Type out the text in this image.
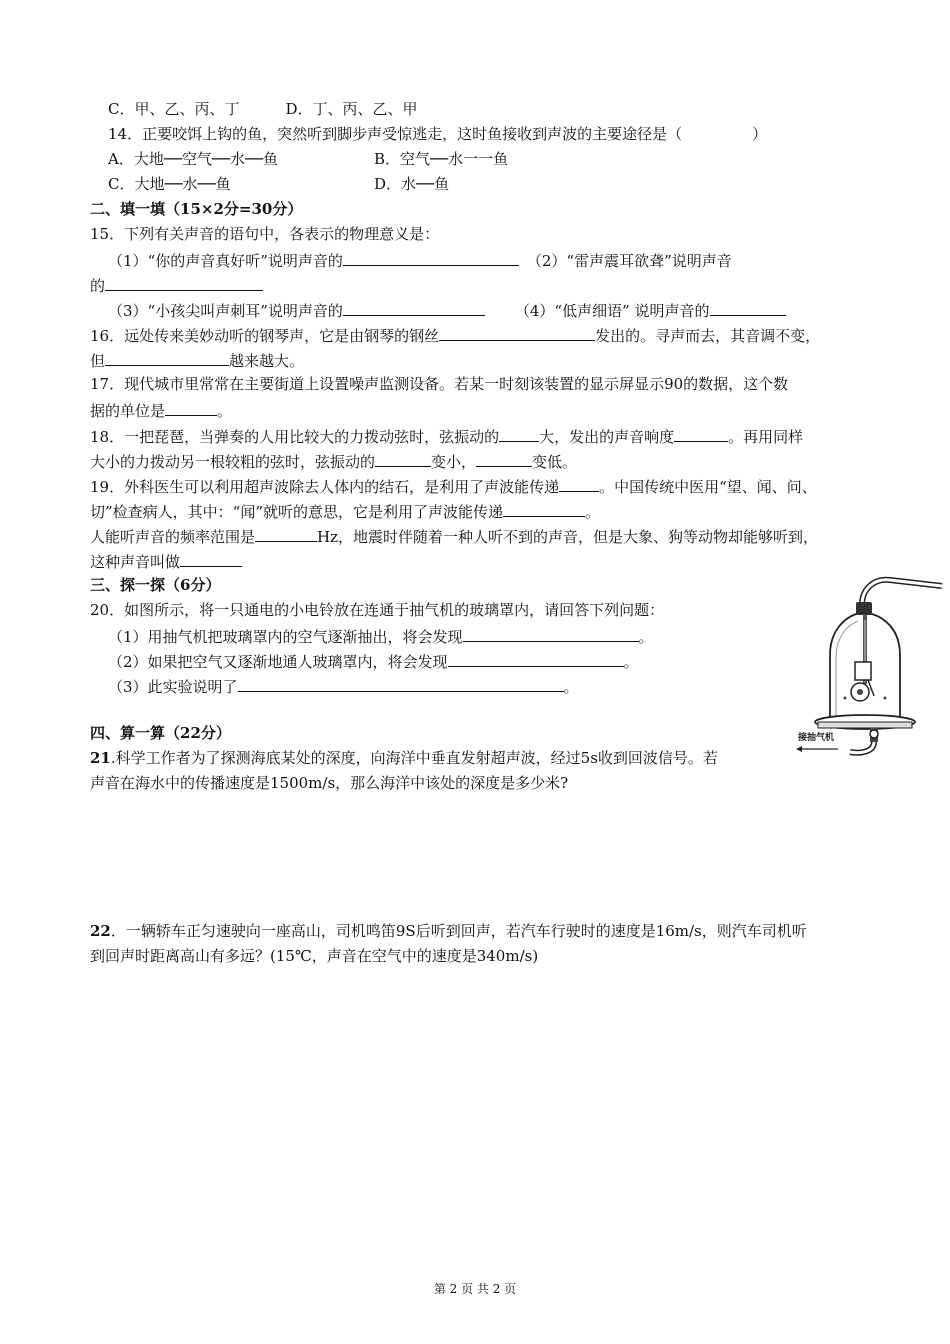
C．甲、乙、丙、丁	D．丁、丙、乙、甲
14．正要咬饵上钩的鱼，突然听到脚步声受惊逃走，这时鱼接收到声波的主要途径是（	）
A．大地──空气──水──鱼	B．空气──水一一鱼
C．大地──水──鱼	D．水──鱼
二、填一填（15×2分=30分）
15．下列有关声音的语句中，各表示的物理意义是：
（1）“你的声音真好听”说明声音的	（2）“雷声震耳欲聋”说明声音
的
（3）“小孩尖叫声刺耳”说明声音的	（4）“低声细语” 说明声音的
16．远处传来美妙动听的钢琴声，它是由钢琴的钢丝	发出的。寻声而去，其音调不变，
但	越来越大。
17．现代城市里常常在主要街道上设置噪声监测设备。若某一时刻该装置的显示屏显示90的数据，这个数
据的单位是	。
18．一把琵琶，当弹奏的人用比较大的力拨动弦时，弦振动的	大，发出的声音响度	。再用同样
大小的力拨动另一根较粗的弦时，弦振动的	变小，	变低。
19．外科医生可以利用超声波除去人体内的结石，是利用了声波能传递	。中国传统中医用“望、闻、问、
切”检查病人，其中：“闻”就听的意思，它是利用了声波能传递	。
人能听声音的频率范围是	Hz，地震时伴随着一种人听不到的声音，但是大象、狗等动物却能够听到，
这种声音叫做
三、探一探（6分）
20．如图所示，将一只通电的小电铃放在连通于抽气机的玻璃罩内，请回答下列问题：
（1）用抽气机把玻璃罩内的空气逐渐抽出，将会发现	。
（2）如果把空气又逐渐地通人玻璃罩内，将会发现	。
（3）此实验说明了	。
接抽气机
四、算一算（22分）
21.科学工作者为了探测海底某处的深度，向海洋中垂直发射超声波，经过5s收到回波信号。若
声音在海水中的传播速度是1500m/s，那么海洋中该处的深度是多少米?
22．一辆轿车正匀速驶向一座高山，司机鸣笛9S后听到回声，若汽车行驶时的速度是16m/s，则汽车司机听
到回声时距离高山有多远？(15℃，声音在空气中的速度是340m/s)
第 2 页 共 2 页
